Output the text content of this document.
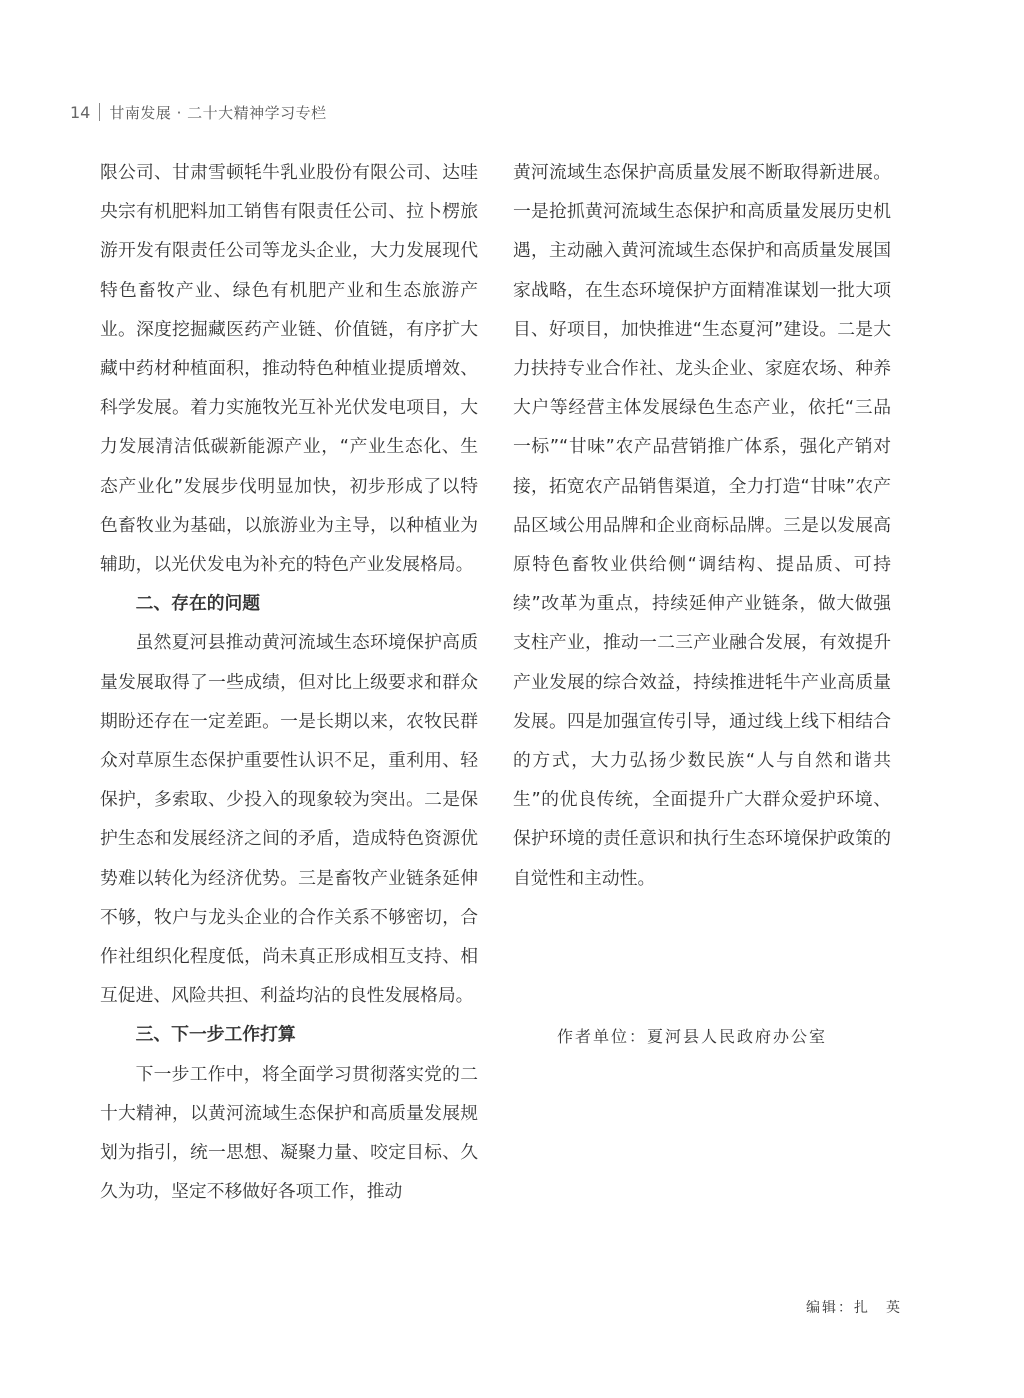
14 甘南发展 · 二十大精神学习专栏

限公司、甘肃雪顿牦牛乳业股份有限公司、达哇央宗有机肥料加工销售有限责任公司、拉卜楞旅游开发有限责任公司等龙头企业，大力发展现代特色畜牧产业、绿色有机肥产业和生态旅游产业。深度挖掘藏医药产业链、价值链，有序扩大藏中药材种植面积，推动特色种植业提质增效、科学发展。着力实施牧光互补光伏发电项目，大力发展清洁低碳新能源产业，“产业生态化、生态产业化”发展步伐明显加快，初步形成了以特色畜牧业为基础，以旅游业为主导，以种植业为辅助，以光伏发电为补充的特色产业发展格局。

二、存在的问题

虽然夏河县推动黄河流域生态环境保护高质量发展取得了一些成绩，但对比上级要求和群众期盼还存在一定差距。一是长期以来，农牧民群众对草原生态保护重要性认识不足，重利用、轻保护，多索取、少投入的现象较为突出。二是保护生态和发展经济之间的矛盾，造成特色资源优势难以转化为经济优势。三是畜牧产业链条延伸不够，牧户与龙头企业的合作关系不够密切，合作社组织化程度低，尚未真正形成相互支持、相互促进、风险共担、利益均沾的良性发展格局。

三、下一步工作打算

下一步工作中，将全面学习贯彻落实党的二十大精神，以黄河流域生态保护和高质量发展规划为指引，统一思想、凝聚力量、咬定目标、久久为功，坚定不移做好各项工作，推动

黄河流域生态保护高质量发展不断取得新进展。一是抢抓黄河流域生态保护和高质量发展历史机遇，主动融入黄河流域生态保护和高质量发展国家战略，在生态环境保护方面精准谋划一批大项目、好项目，加快推进“生态夏河”建设。二是大力扶持专业合作社、龙头企业、家庭农场、种养大户等经营主体发展绿色生态产业，依托“三品一标”“甘味”农产品营销推广体系，强化产销对接，拓宽农产品销售渠道，全力打造“甘味”农产品区域公用品牌和企业商标品牌。三是以发展高原特色畜牧业供给侧“调结构、提品质、可持续”改革为重点，持续延伸产业链条，做大做强支柱产业，推动一二三产业融合发展，有效提升产业发展的综合效益，持续推进牦牛产业高质量发展。四是加强宣传引导，通过线上线下相结合的方式，大力弘扬少数民族“人与自然和谐共生”的优良传统，全面提升广大群众爱护环境、保护环境的责任意识和执行生态环境保护政策的自觉性和主动性。

作者单位：夏河县人民政府办公室
编辑：扎　英
